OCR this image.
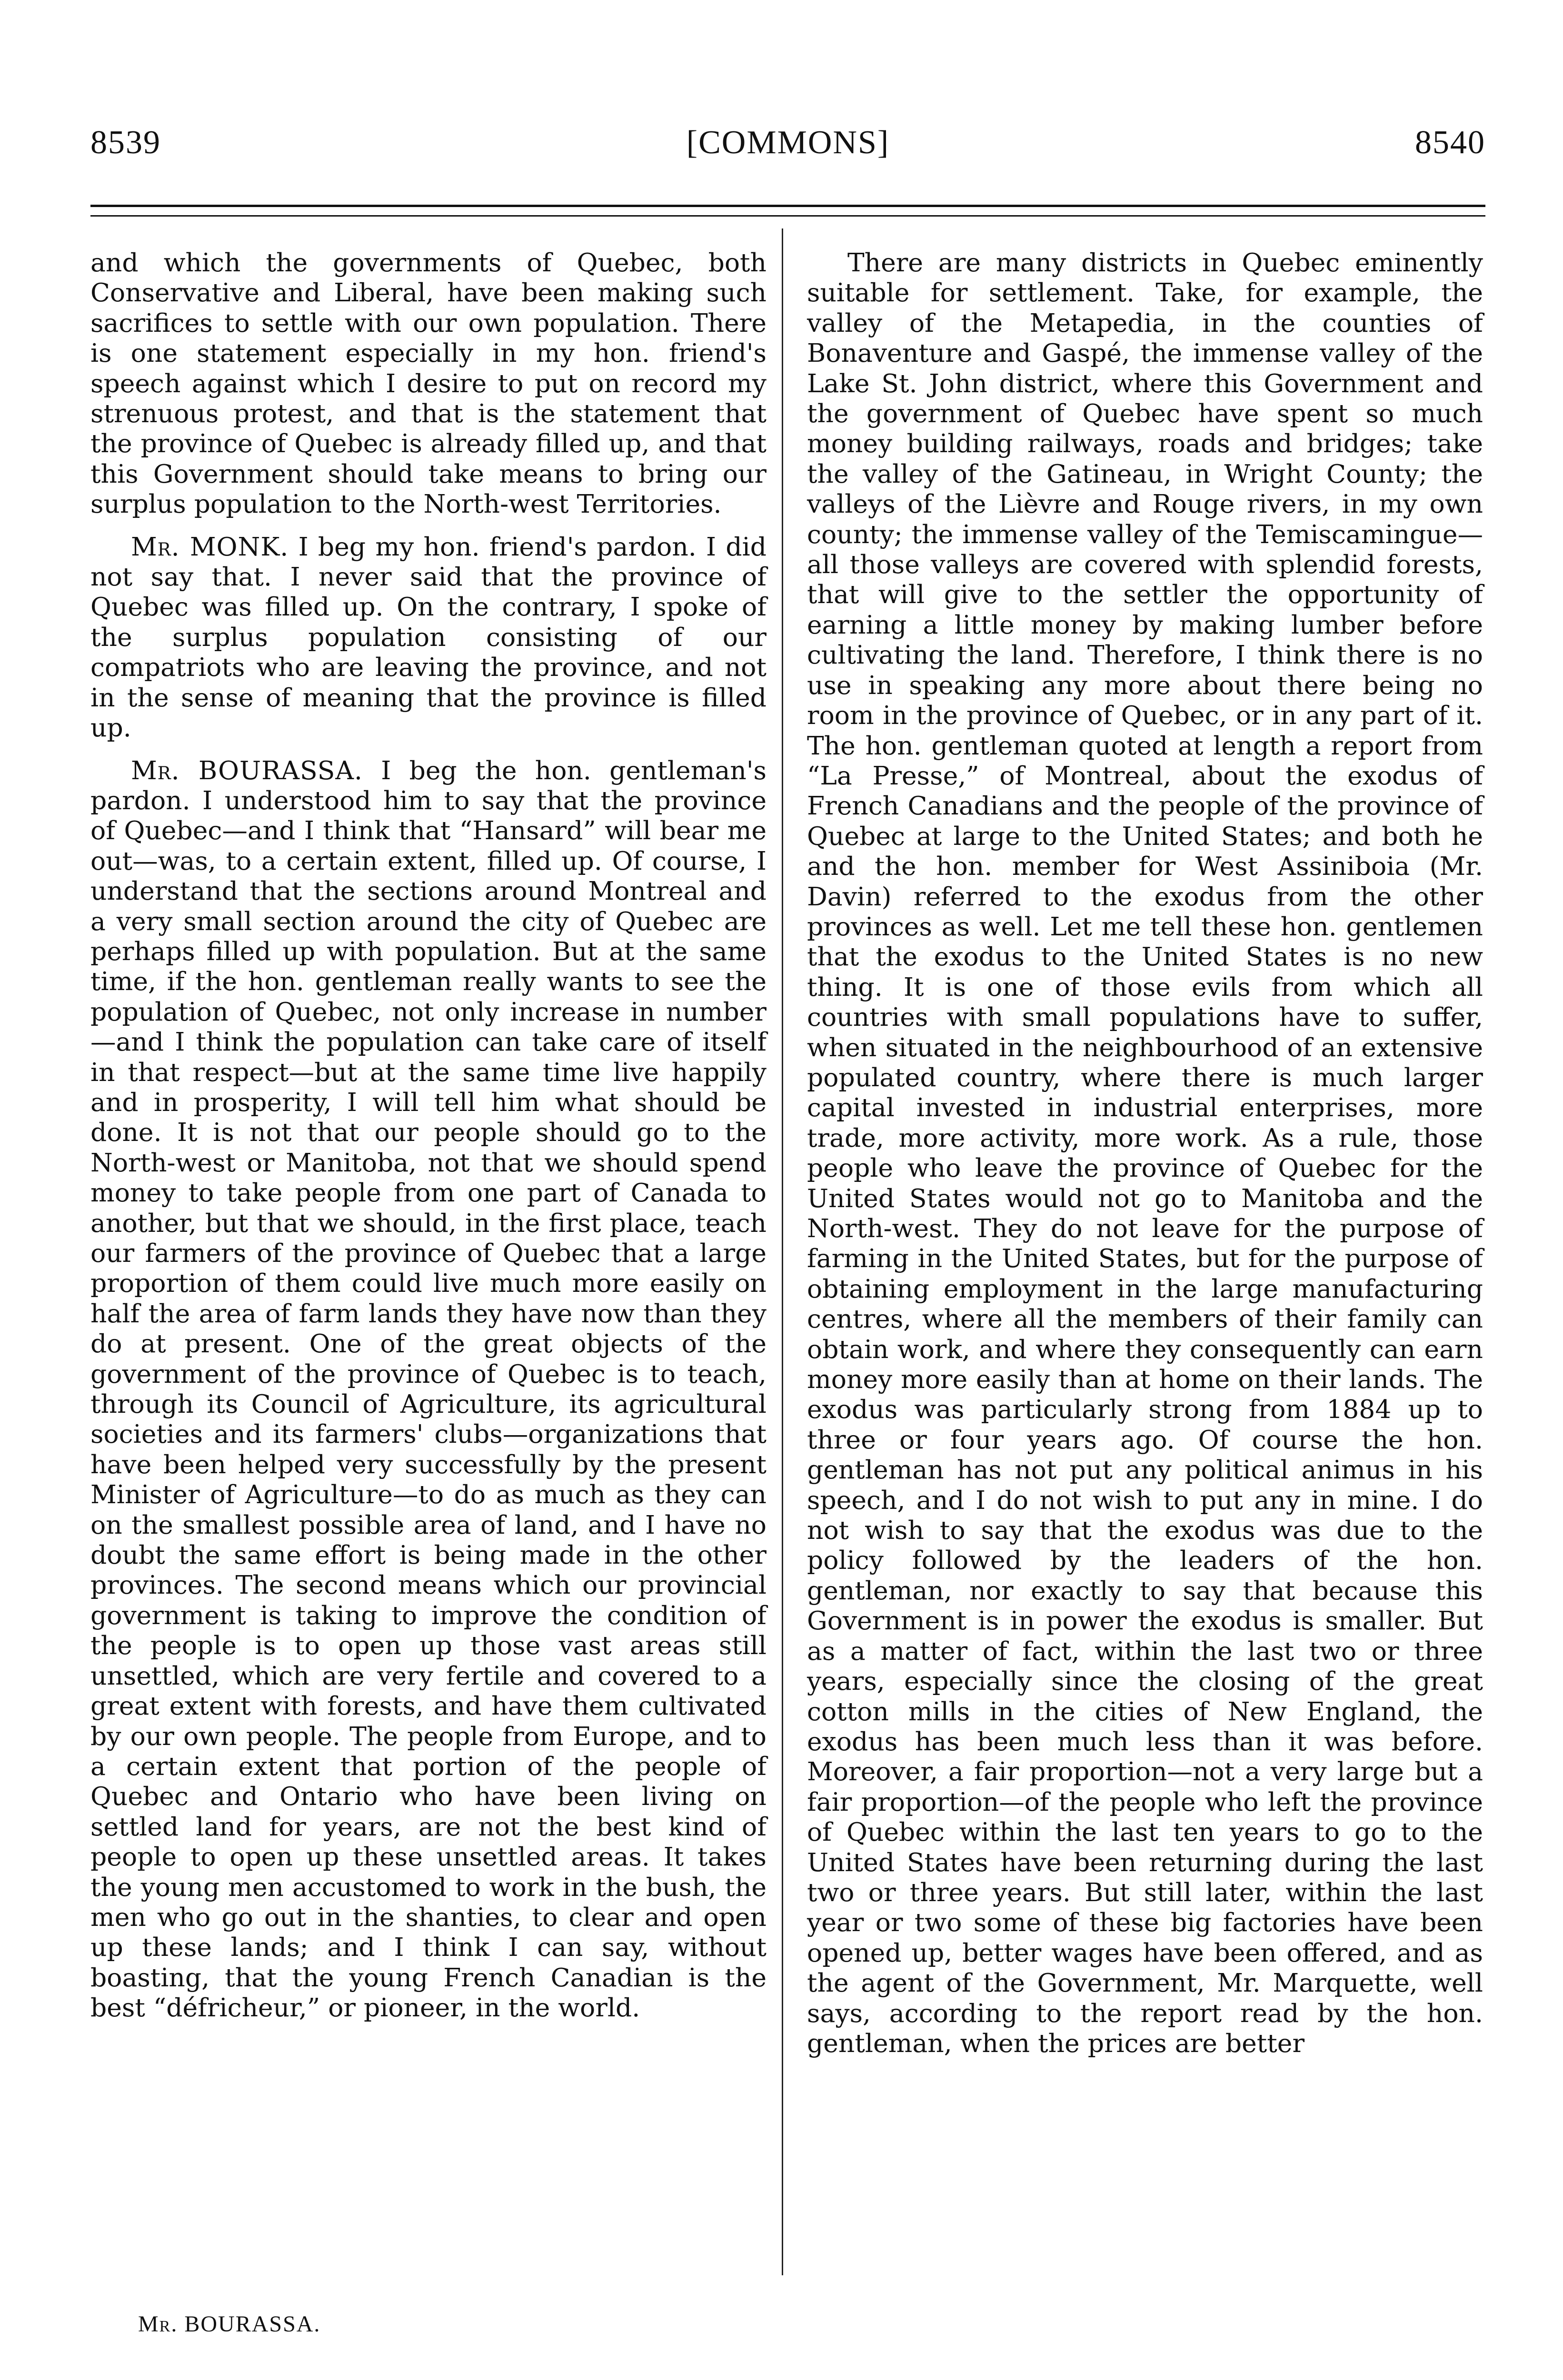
8539	[COMMONS]	8540

and which the governments of Quebec, both Conservative and Liberal, have been making such sacrifices to settle with our own population. There is one statement especially in my hon. friend's speech against which I desire to put on record my strenuous protest, and that is the statement that the province of Quebec is already filled up, and that this Government should take means to bring our surplus population to the North-west Territories.

Mr. MONK. I beg my hon. friend's pardon. I did not say that. I never said that the province of Quebec was filled up. On the contrary, I spoke of the surplus population consisting of our compatriots who are leaving the province, and not in the sense of meaning that the province is filled up.

Mr. BOURASSA. I beg the hon. gentleman's pardon. I understood him to say that the province of Quebec—and I think that “Hansard” will bear me out—was, to a certain extent, filled up. Of course, I understand that the sections around Montreal and a very small section around the city of Quebec are perhaps filled up with population. But at the same time, if the hon. gentleman really wants to see the population of Quebec, not only increase in number—and I think the population can take care of itself in that respect—but at the same time live happily and in prosperity, I will tell him what should be done. It is not that our people should go to the North-west or Manitoba, not that we should spend money to take people from one part of Canada to another, but that we should, in the first place, teach our farmers of the province of Quebec that a large proportion of them could live much more easily on half the area of farm lands they have now than they do at present. One of the great objects of the government of the province of Quebec is to teach, through its Council of Agriculture, its agricultural societies and its farmers' clubs—organizations that have been helped very successfully by the present Minister of Agriculture—to do as much as they can on the smallest possible area of land, and I have no doubt the same effort is being made in the other provinces. The second means which our provincial government is taking to improve the condition of the people is to open up those vast areas still unsettled, which are very fertile and covered to a great extent with forests, and have them cultivated by our own people. The people from Europe, and to a certain extent that portion of the people of Quebec and Ontario who have been living on settled land for years, are not the best kind of people to open up these unsettled areas. It takes the young men accustomed to work in the bush, the men who go out in the shanties, to clear and open up these lands; and I think I can say, without boasting, that the young French Canadian is the best “défricheur,” or pioneer, in the world.

There are many districts in Quebec eminently suitable for settlement. Take, for example, the valley of the Metapedia, in the counties of Bonaventure and Gaspé, the immense valley of the Lake St. John district, where this Government and the government of Quebec have spent so much money building railways, roads and bridges; take the valley of the Gatineau, in Wright County; the valleys of the Lièvre and Rouge rivers, in my own county; the immense valley of the Temiscamingue—all those valleys are covered with splendid forests, that will give to the settler the opportunity of earning a little money by making lumber before cultivating the land. Therefore, I think there is no use in speaking any more about there being no room in the province of Quebec, or in any part of it. The hon. gentleman quoted at length a report from “La Presse,” of Montreal, about the exodus of French Canadians and the people of the province of Quebec at large to the United States; and both he and the hon. member for West Assiniboia (Mr. Davin) referred to the exodus from the other provinces as well. Let me tell these hon. gentlemen that the exodus to the United States is no new thing. It is one of those evils from which all countries with small populations have to suffer, when situated in the neighbourhood of an extensive populated country, where there is much larger capital invested in industrial enterprises, more trade, more activity, more work. As a rule, those people who leave the province of Quebec for the United States would not go to Manitoba and the North-west. They do not leave for the purpose of farming in the United States, but for the purpose of obtaining employment in the large manufacturing centres, where all the members of their family can obtain work, and where they consequently can earn money more easily than at home on their lands. The exodus was particularly strong from 1884 up to three or four years ago. Of course the hon. gentleman has not put any political animus in his speech, and I do not wish to put any in mine. I do not wish to say that the exodus was due to the policy followed by the leaders of the hon. gentleman, nor exactly to say that because this Government is in power the exodus is smaller. But as a matter of fact, within the last two or three years, especially since the closing of the great cotton mills in the cities of New England, the exodus has been much less than it was before. Moreover, a fair proportion—not a very large but a fair proportion—of the people who left the province of Quebec within the last ten years to go to the United States have been returning during the last two or three years. But still later, within the last year or two some of these big factories have been opened up, better wages have been offered, and as the agent of the Government, Mr. Marquette, well says, according to the report read by the hon. gentleman, when the prices are better

Mr. BOURASSA.
